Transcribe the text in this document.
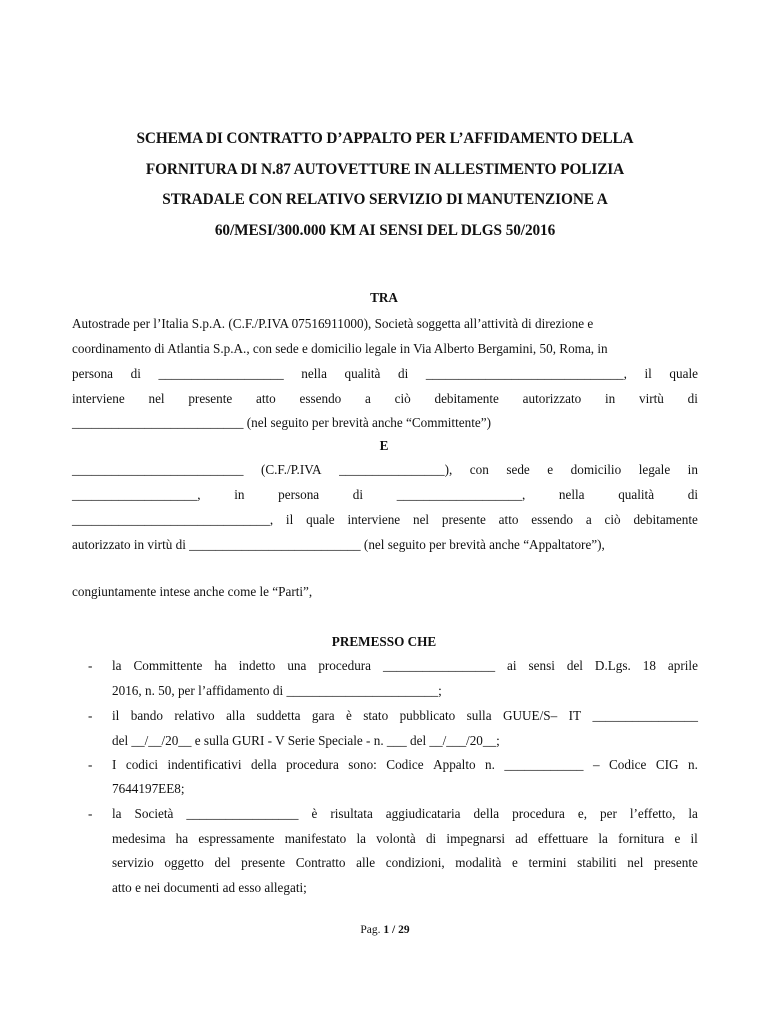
SCHEMA DI CONTRATTO D’APPALTO PER L’AFFIDAMENTO DELLA
FORNITURA DI N.87 AUTOVETTURE IN ALLESTIMENTO POLIZIA
STRADALE CON RELATIVO SERVIZIO DI MANUTENZIONE A
60/MESI/300.000 KM AI SENSI DEL DLGS 50/2016
TRA
Autostrade per l’Italia S.p.A. (C.F./P.IVA 07516911000), Società soggetta all’attività di direzione e
coordinamento di Atlantia S.p.A., con sede e domicilio legale in Via Alberto Bergamini, 50, Roma, in
persona di ___________________ nella qualità di ______________________________, il quale
interviene nel presente atto essendo a ciò debitamente autorizzato in virtù di
__________________________ (nel seguito per brevità anche “Committente”)
E
__________________________ (C.F./P.IVA ________________), con sede e domicilio legale in
___________________,	in	persona	di	___________________,	nella	qualità	di
______________________________, il quale interviene nel presente atto essendo a ciò debitamente
autorizzato in virtù di __________________________ (nel seguito per brevità anche “Appaltatore”),
congiuntamente intese anche come le “Parti”,
PREMESSO CHE
- la Committente ha indetto una procedura _________________ ai sensi del D.Lgs. 18 aprile
2016, n. 50, per l’affidamento di _______________________;
- il bando relativo alla suddetta gara è stato pubblicato sulla GUUE/S– IT ________________
del __/__/20__ e sulla GURI - V Serie Speciale - n. ___ del __/___/20__;
- I codici indentificativi della procedura sono: Codice Appalto n. ____________ – Codice CIG n.
7644197EE8;
- la Società _________________ è risultata aggiudicataria della procedura e, per l’effetto, la
medesima ha espressamente manifestato la volontà di impegnarsi ad effettuare la fornitura e il
servizio oggetto del presente Contratto alle condizioni, modalità e termini stabiliti nel presente
atto e nei documenti ad esso allegati;
Pag. 1 / 29
